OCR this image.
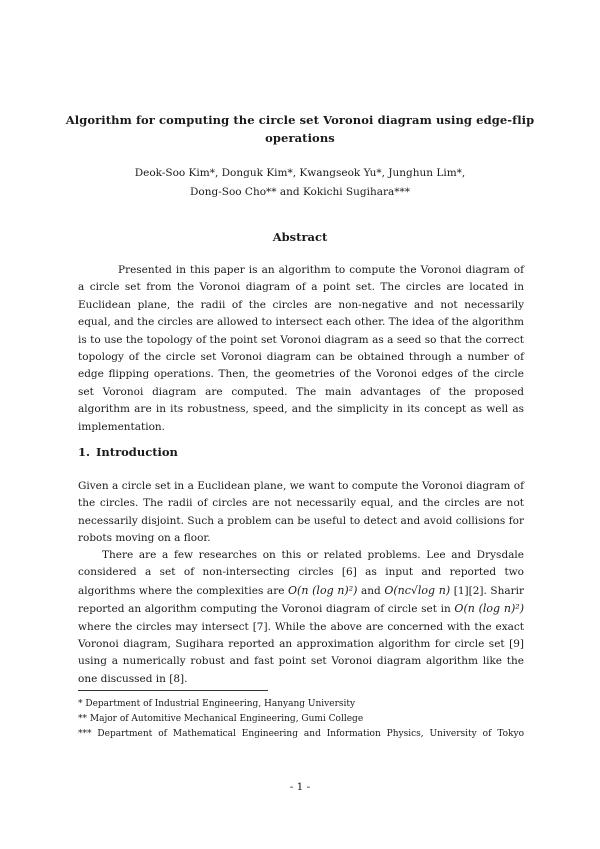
Algorithm for computing the circle set Voronoi diagram using edge-flip
operations
Deok-Soo Kim*, Donguk Kim*, Kwangseok Yu*, Junghun Lim*,
Dong-Soo Cho** and Kokichi Sugihara***
Abstract

Presented in this paper is an algorithm to compute the Voronoi diagram of a circle set from the Voronoi diagram of a point set. The circles are located in Euclidean plane, the radii of the circles are non-negative and not necessarily equal, and the circles are allowed to intersect each other. The idea of the algorithm is to use the topology of the point set Voronoi diagram as a seed so that the correct topology of the circle set Voronoi diagram can be obtained through a number of edge flipping operations. Then, the geometries of the Voronoi edges of the circle set Voronoi diagram are computed. The main advantages of the proposed algorithm are in its robustness, speed, and the simplicity in its concept as well as implementation.

1. Introduction

Given a circle set in a Euclidean plane, we want to compute the Voronoi diagram of the circles. The radii of circles are not necessarily equal, and the circles are not necessarily disjoint. Such a problem can be useful to detect and avoid collisions for robots moving on a floor.

There are a few researches on this or related problems. Lee and Drysdale considered a set of non-intersecting circles [6] as input and reported two algorithms where the complexities are O(n (log n)²) and O(nc√log n) [1][2]. Sharir reported an algorithm computing the Voronoi diagram of circle set in O(n (log n)²) where the circles may intersect [7]. While the above are concerned with the exact Voronoi diagram, Sugihara reported an approximation algorithm for circle set [9] using a numerically robust and fast point set Voronoi diagram algorithm like the one discussed in [8].

* Department of Industrial Engineering, Hanyang University

** Major of Automitive Mechanical Engineering, Gumi College

*** Department of Mathematical Engineering and Information Physics, University of Tokyo

- 1 -
